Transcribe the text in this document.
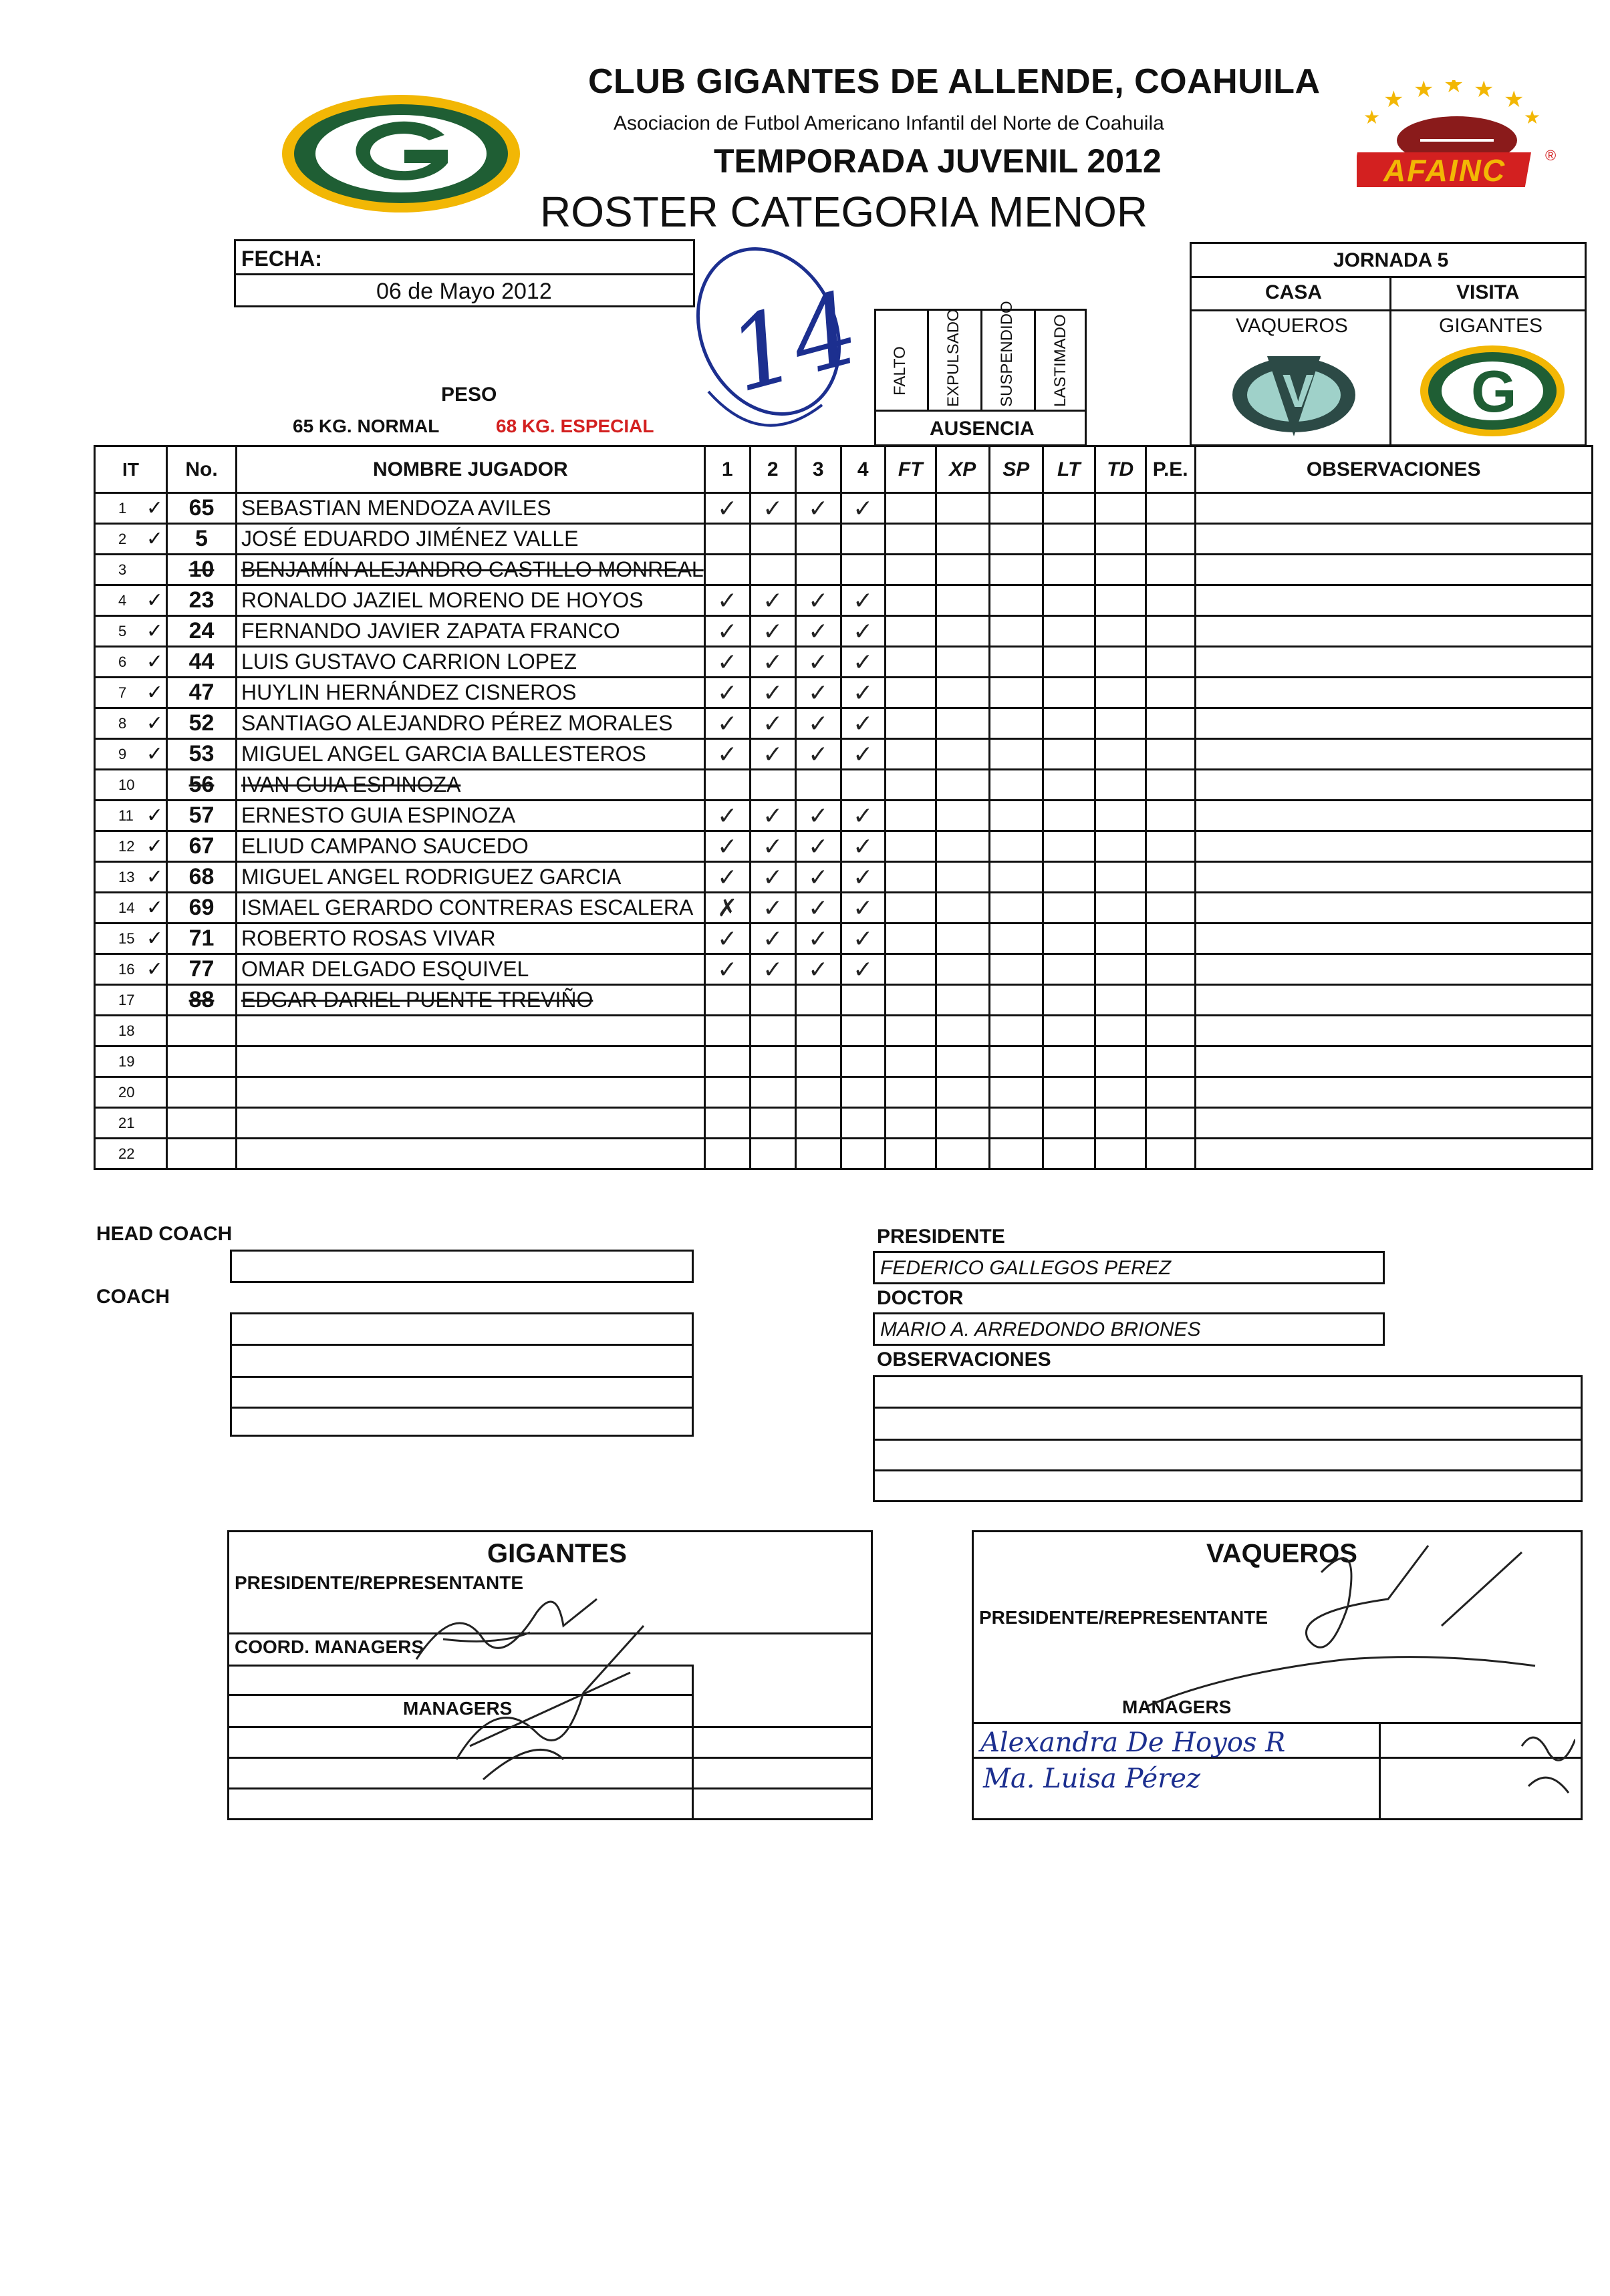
CLUB GIGANTES DE ALLENDE, COAHUILA
Asociacion de Futbol Americano Infantil del Norte de Coahuila
TEMPORADA JUVENIL 2012
ROSTER CATEGORIA MENOR
★ ★ ★ ★ ★
★	★
AFAINC	®
FECHA:
06 de Mayo 2012 14
PESO
65 KG. NORMAL	68 KG. ESPECIAL
FALTO EXPULSADO SUSPENDIDO LASTIMADO
AUSENCIA
JORNADA 5
CASA	VISITA
VAQUEROS	GIGANTES
V	G
IT	No.	NOMBRE JUGADOR	1	2	3	4	FT	XP	SP	LT	TD	P.E.	OBSERVACIONES
1 ✓	65	SEBASTIAN MENDOZA AVILES	✓	✓	✓	✓							
2 ✓	5	JOSÉ EDUARDO JIMÉNEZ VALLE											
3	10	BENJAMÍN ALEJANDRO CASTILLO MONREAL											
4 ✓	23	RONALDO JAZIEL MORENO DE HOYOS	✓	✓	✓	✓							
5 ✓	24	FERNANDO JAVIER ZAPATA FRANCO	✓	✓	✓	✓							
6 ✓	44	LUIS GUSTAVO CARRION LOPEZ	✓	✓	✓	✓							
7 ✓	47	HUYLIN HERNÁNDEZ CISNEROS	✓	✓	✓	✓							
8 ✓	52	SANTIAGO ALEJANDRO PÉREZ MORALES	✓	✓	✓	✓							
9 ✓	53	MIGUEL ANGEL GARCIA BALLESTEROS	✓	✓	✓	✓							
10	56	IVAN GUIA ESPINOZA											
11 ✓	57	ERNESTO GUIA ESPINOZA	✓	✓	✓	✓							
12 ✓	67	ELIUD CAMPANO SAUCEDO	✓	✓	✓	✓							
13 ✓	68	MIGUEL ANGEL RODRIGUEZ GARCIA	✓	✓	✓	✓							
14 ✓	69	ISMAEL GERARDO CONTRERAS ESCALERA	✗	✓	✓	✓							
15 ✓	71	ROBERTO ROSAS VIVAR	✓	✓	✓	✓							
16 ✓	77	OMAR DELGADO ESQUIVEL	✓	✓	✓	✓							
17	88	EDGAR DARIEL PUENTE TREVIÑO											
18

19

20

21

22

HEAD COACH
COACH
PRESIDENTE
FEDERICO GALLEGOS PEREZ
DOCTOR
MARIO A. ARREDONDO BRIONES
OBSERVACIONES
GIGANTES
PRESIDENTE/REPRESENTANTE
COORD. MANAGERS
MANAGERS
VAQUEROS
PRESIDENTE/REPRESENTANTE
MANAGERS
Alexandra De Hoyos R
Ma. Luisa Pérez
